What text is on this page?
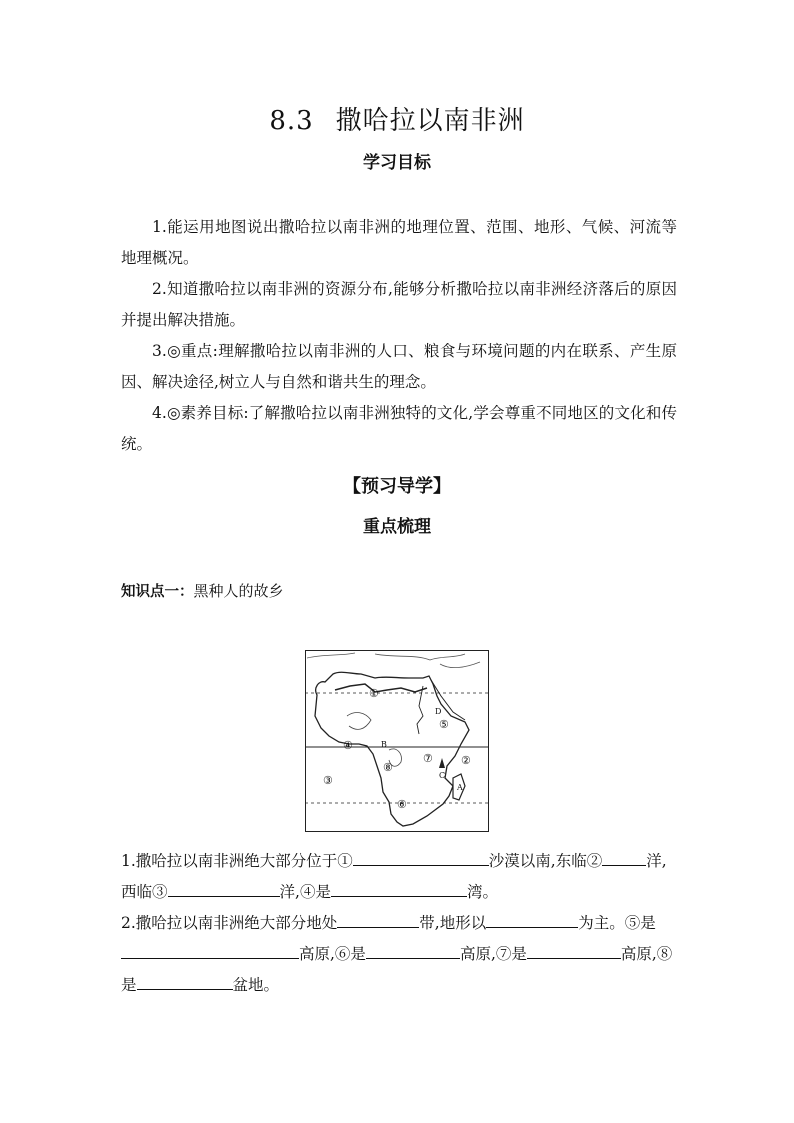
8.3 撒哈拉以南非洲
学习目标
1.能运用地图说出撒哈拉以南非洲的地理位置、范围、地形、气候、河流等地理概况。
2.知道撒哈拉以南非洲的资源分布,能够分析撒哈拉以南非洲经济落后的原因并提出解决措施。
3.◎重点:理解撒哈拉以南非洲的人口、粮食与环境问题的内在联系、产生原因、解决途径,树立人与自然和谐共生的理念。
4.◎素养目标:了解撒哈拉以南非洲独特的文化,学会尊重不同地区的文化和传统。
【预习导学】
重点梳理
知识点一：黑种人的故乡
①
②
③
④
⑤
⑥
⑦
⑧
A
B
C
D
1.撒哈拉以南非洲绝大部分位于①	沙漠以南,东临②	洋,西临③	洋,④是	湾。
2.撒哈拉以南非洲绝大部分地处	带,地形以	为主。⑤是高原,⑥是	高原,⑦是	高原,⑧是	盆地。
